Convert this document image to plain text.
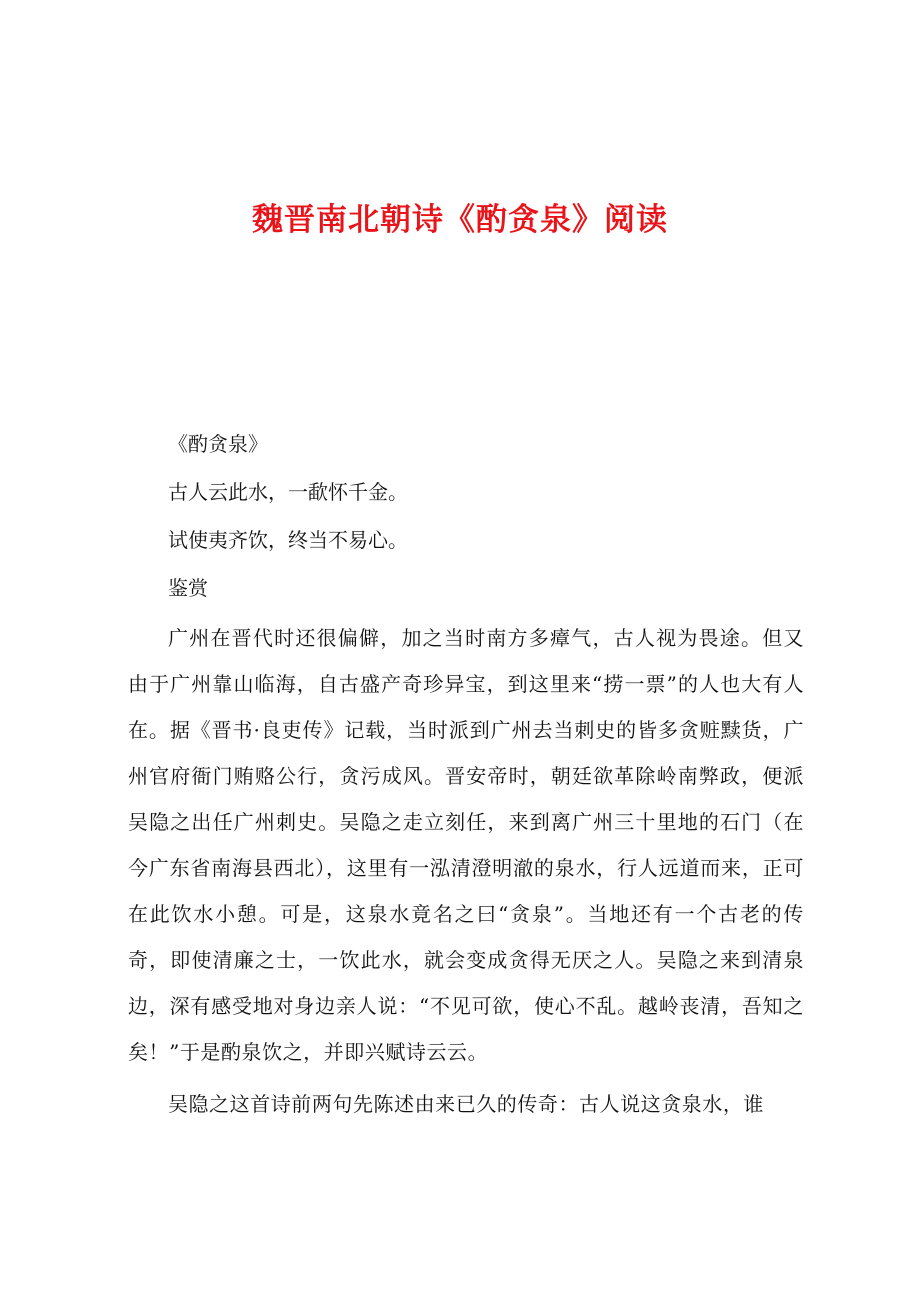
魏晋南北朝诗《酌贪泉》阅读

《酌贪泉》

古人云此水，一歃怀千金。

试使夷齐饮，终当不易心。

鉴赏

广州在晋代时还很偏僻，加之当时南方多瘴气，古人视为畏途。但又由于广州靠山临海，自古盛产奇珍异宝，到这里来“捞一票”的人也大有人在。据《晋书·良吏传》记载，当时派到广州去当刺史的皆多贪赃黩货，广州官府衙门贿赂公行，贪污成风。晋安帝时，朝廷欲革除岭南弊政，便派吴隐之出任广州刺史。吴隐之走立刻任，来到离广州三十里地的石门（在今广东省南海县西北），这里有一泓清澄明澈的泉水，行人远道而来，正可在此饮水小憩。可是，这泉水竟名之曰“贪泉”。当地还有一个古老的传奇，即使清廉之士，一饮此水，就会变成贪得无厌之人。吴隐之来到清泉边，深有感受地对身边亲人说：“不见可欲，使心不乱。越岭丧清，吾知之矣！”于是酌泉饮之，并即兴赋诗云云。

吴隐之这首诗前两句先陈述由来已久的传奇：古人说这贪泉水，谁
